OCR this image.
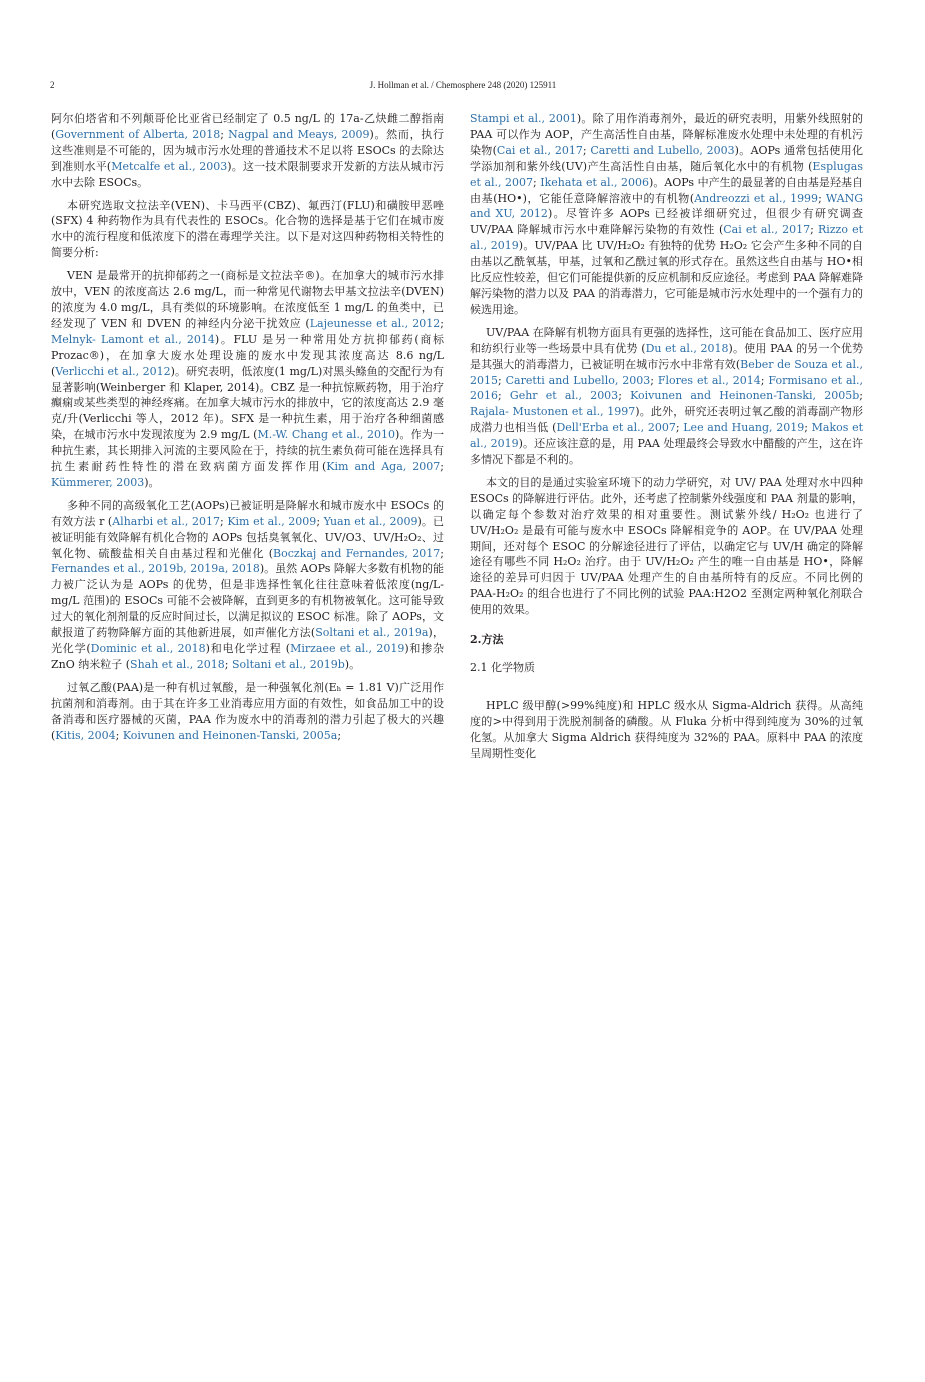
2	J. Hollman et al. / Chemosphere 248 (2020) 125911

阿尔伯塔省和不列颠哥伦比亚省已经制定了 0.5 ng/L 的 17a-乙炔雌二醇指南 (Government of Alberta, 2018; Nagpal and Meays, 2009)。然而，执行这些准则是不可能的，因为城市污水处理的普通技术不足以将 ESOCs 的去除达到准则水平(Metcalfe et al., 2003)。这一技术限制要求开发新的方法从城市污水中去除 ESOCs。

本研究选取文拉法辛(VEN)、卡马西平(CBZ)、氟西汀(FLU)和磺胺甲恶唑(SFX) 4 种药物作为具有代表性的 ESOCs。化合物的选择是基于它们在城市废水中的流行程度和低浓度下的潜在毒理学关注。以下是对这四种药物相关特性的简要分析:

VEN 是最常开的抗抑郁药之一(商标是文拉法辛®)。在加拿大的城市污水排放中，VEN 的浓度高达 2.6 mg/L，而一种常见代谢物去甲基文拉法辛(DVEN)的浓度为 4.0 mg/L，具有类似的环境影响。在浓度低至 1 mg/L 的鱼类中，已经发现了 VEN 和 DVEN 的神经内分泌干扰效应 (Lajeunesse et al., 2012; Melnyk- Lamont et al., 2014)。FLU 是另一种常用处方抗抑郁药(商标 Prozac®)，在加拿大废水处理设施的废水中发现其浓度高达 8.6 ng/L (Verlicchi et al., 2012)。研究表明，低浓度(1 mg/L)对黑头鲦鱼的交配行为有显著影响(Weinberger 和 Klaper, 2014)。CBZ 是一种抗惊厥药物，用于治疗癫痫或某些类型的神经疼痛。在加拿大城市污水的排放中，它的浓度高达 2.9 毫克/升(Verlicchi 等人，2012 年)。SFX 是一种抗生素，用于治疗各种细菌感染，在城市污水中发现浓度为 2.9 mg/L (M.-W. Chang et al., 2010)。作为一种抗生素，其长期排入河流的主要风险在于，持续的抗生素负荷可能在选择具有抗生素耐药性特性的潜在致病菌方面发挥作用(Kim and Aga, 2007; Kümmerer, 2003)。

多种不同的高级氧化工艺(AOPs)已被证明是降解水和城市废水中 ESOCs 的有效方法 r (Alharbi et al., 2017; Kim et al., 2009; Yuan et al., 2009)。已被证明能有效降解有机化合物的 AOPs 包括臭氧氧化、UV/O3、UV/H₂O₂、过氧化物、硫酸盐相关自由基过程和光催化 (Boczkaj and Fernandes, 2017; Fernandes et al., 2019b, 2019a, 2018)。虽然 AOPs 降解大多数有机物的能力被广泛认为是 AOPs 的优势，但是非选择性氧化往往意味着低浓度(ng/L- mg/L 范围)的 ESOCs 可能不会被降解，直到更多的有机物被氧化。这可能导致过大的氧化剂剂量的反应时间过长，以满足拟议的 ESOC 标准。除了 AOPs，文献报道了药物降解方面的其他新进展，如声催化方法(Soltani et al., 2019a)，光化学(Dominic et al., 2018)和电化学过程 (Mirzaee et al., 2019)和掺杂 ZnO 纳米粒子 (Shah et al., 2018; Soltani et al., 2019b)。

过氧乙酸(PAA)是一种有机过氧酸，是一种强氧化剂(Eₕ = 1.81 V)广泛用作抗菌剂和消毒剂。由于其在许多工业消毒应用方面的有效性，如食品加工中的设备消毒和医疗器械的灭菌，PAA 作为废水中的消毒剂的潜力引起了极大的兴趣(Kitis, 2004; Koivunen and Heinonen-Tanski, 2005a;

Stampi et al., 2001)。除了用作消毒剂外，最近的研究表明，用紫外线照射的 PAA 可以作为 AOP，产生高活性自由基，降解标准废水处理中未处理的有机污染物(Cai et al., 2017; Caretti and Lubello, 2003)。AOPs 通常包括使用化学添加剂和紫外线(UV)产生高活性自由基，随后氧化水中的有机物 (Esplugas et al., 2007; Ikehata et al., 2006)。AOPs 中产生的最显著的自由基是羟基自由基(HO•)，它能任意降解溶液中的有机物(Andreozzi et al., 1999; WANG and XU, 2012)。尽管许多 AOPs 已经被详细研究过，但很少有研究调查 UV/PAA 降解城市污水中难降解污染物的有效性 (Cai et al., 2017; Rizzo et al., 2019)。UV/PAA 比 UV/H₂O₂ 有独特的优势 H₂O₂ 它会产生多种不同的自由基以乙酰氧基，甲基，过氧和乙酰过氧的形式存在。虽然这些自由基与 HO•相比反应性较差，但它们可能提供新的反应机制和反应途径。考虑到 PAA 降解难降解污染物的潜力以及 PAA 的消毒潜力，它可能是城市污水处理中的一个强有力的候选用途。

UV/PAA 在降解有机物方面具有更强的选择性，这可能在食品加工、医疗应用和纺织行业等一些场景中具有优势 (Du et al., 2018)。使用 PAA 的另一个优势是其强大的消毒潜力，已被证明在城市污水中非常有效(Beber de Souza et al., 2015; Caretti and Lubello, 2003; Flores et al., 2014; Formisano et al., 2016; Gehr et al., 2003; Koivunen and Heinonen-Tanski, 2005b; Rajala- Mustonen et al., 1997)。此外，研究还表明过氧乙酸的消毒副产物形成潜力也相当低 (Dell'Erba et al., 2007; Lee and Huang, 2019; Makos et al., 2019)。还应该注意的是，用 PAA 处理最终会导致水中醋酸的产生，这在许多情况下都是不利的。

本文的目的是通过实验室环境下的动力学研究，对 UV/ PAA 处理对水中四种 ESOCs 的降解进行评估。此外，还考虑了控制紫外线强度和 PAA 剂量的影响，以确定每个参数对治疗效果的相对重要性。测试紫外线/ H₂O₂ 也进行了 UV/H₂O₂ 是最有可能与废水中 ESOCs 降解相竞争的 AOP。在 UV/PAA 处理期间，还对每个 ESOC 的分解途径进行了评估，以确定它与 UV/H 确定的降解途径有哪些不同 H₂O₂ 治疗。由于 UV/H₂O₂ 产生的唯一自由基是 HO•，降解途径的差异可归因于 UV/PAA 处理产生的自由基所特有的反应。不同比例的 PAA-H₂O₂ 的组合也进行了不同比例的试验 PAA:H2O2 至测定两种氧化剂联合使用的效果。

2.方法
2.1 化学物质

HPLC 级甲醇(>99%纯度)和 HPLC 级水从 Sigma-Aldrich 获得。从高纯度的>中得到用于洗脱剂制备的磷酸。从 Fluka 分析中得到纯度为 30%的过氧化氢。从加拿大 Sigma Aldrich 获得纯度为 32%的 PAA。原料中 PAA 的浓度呈周期性变化
